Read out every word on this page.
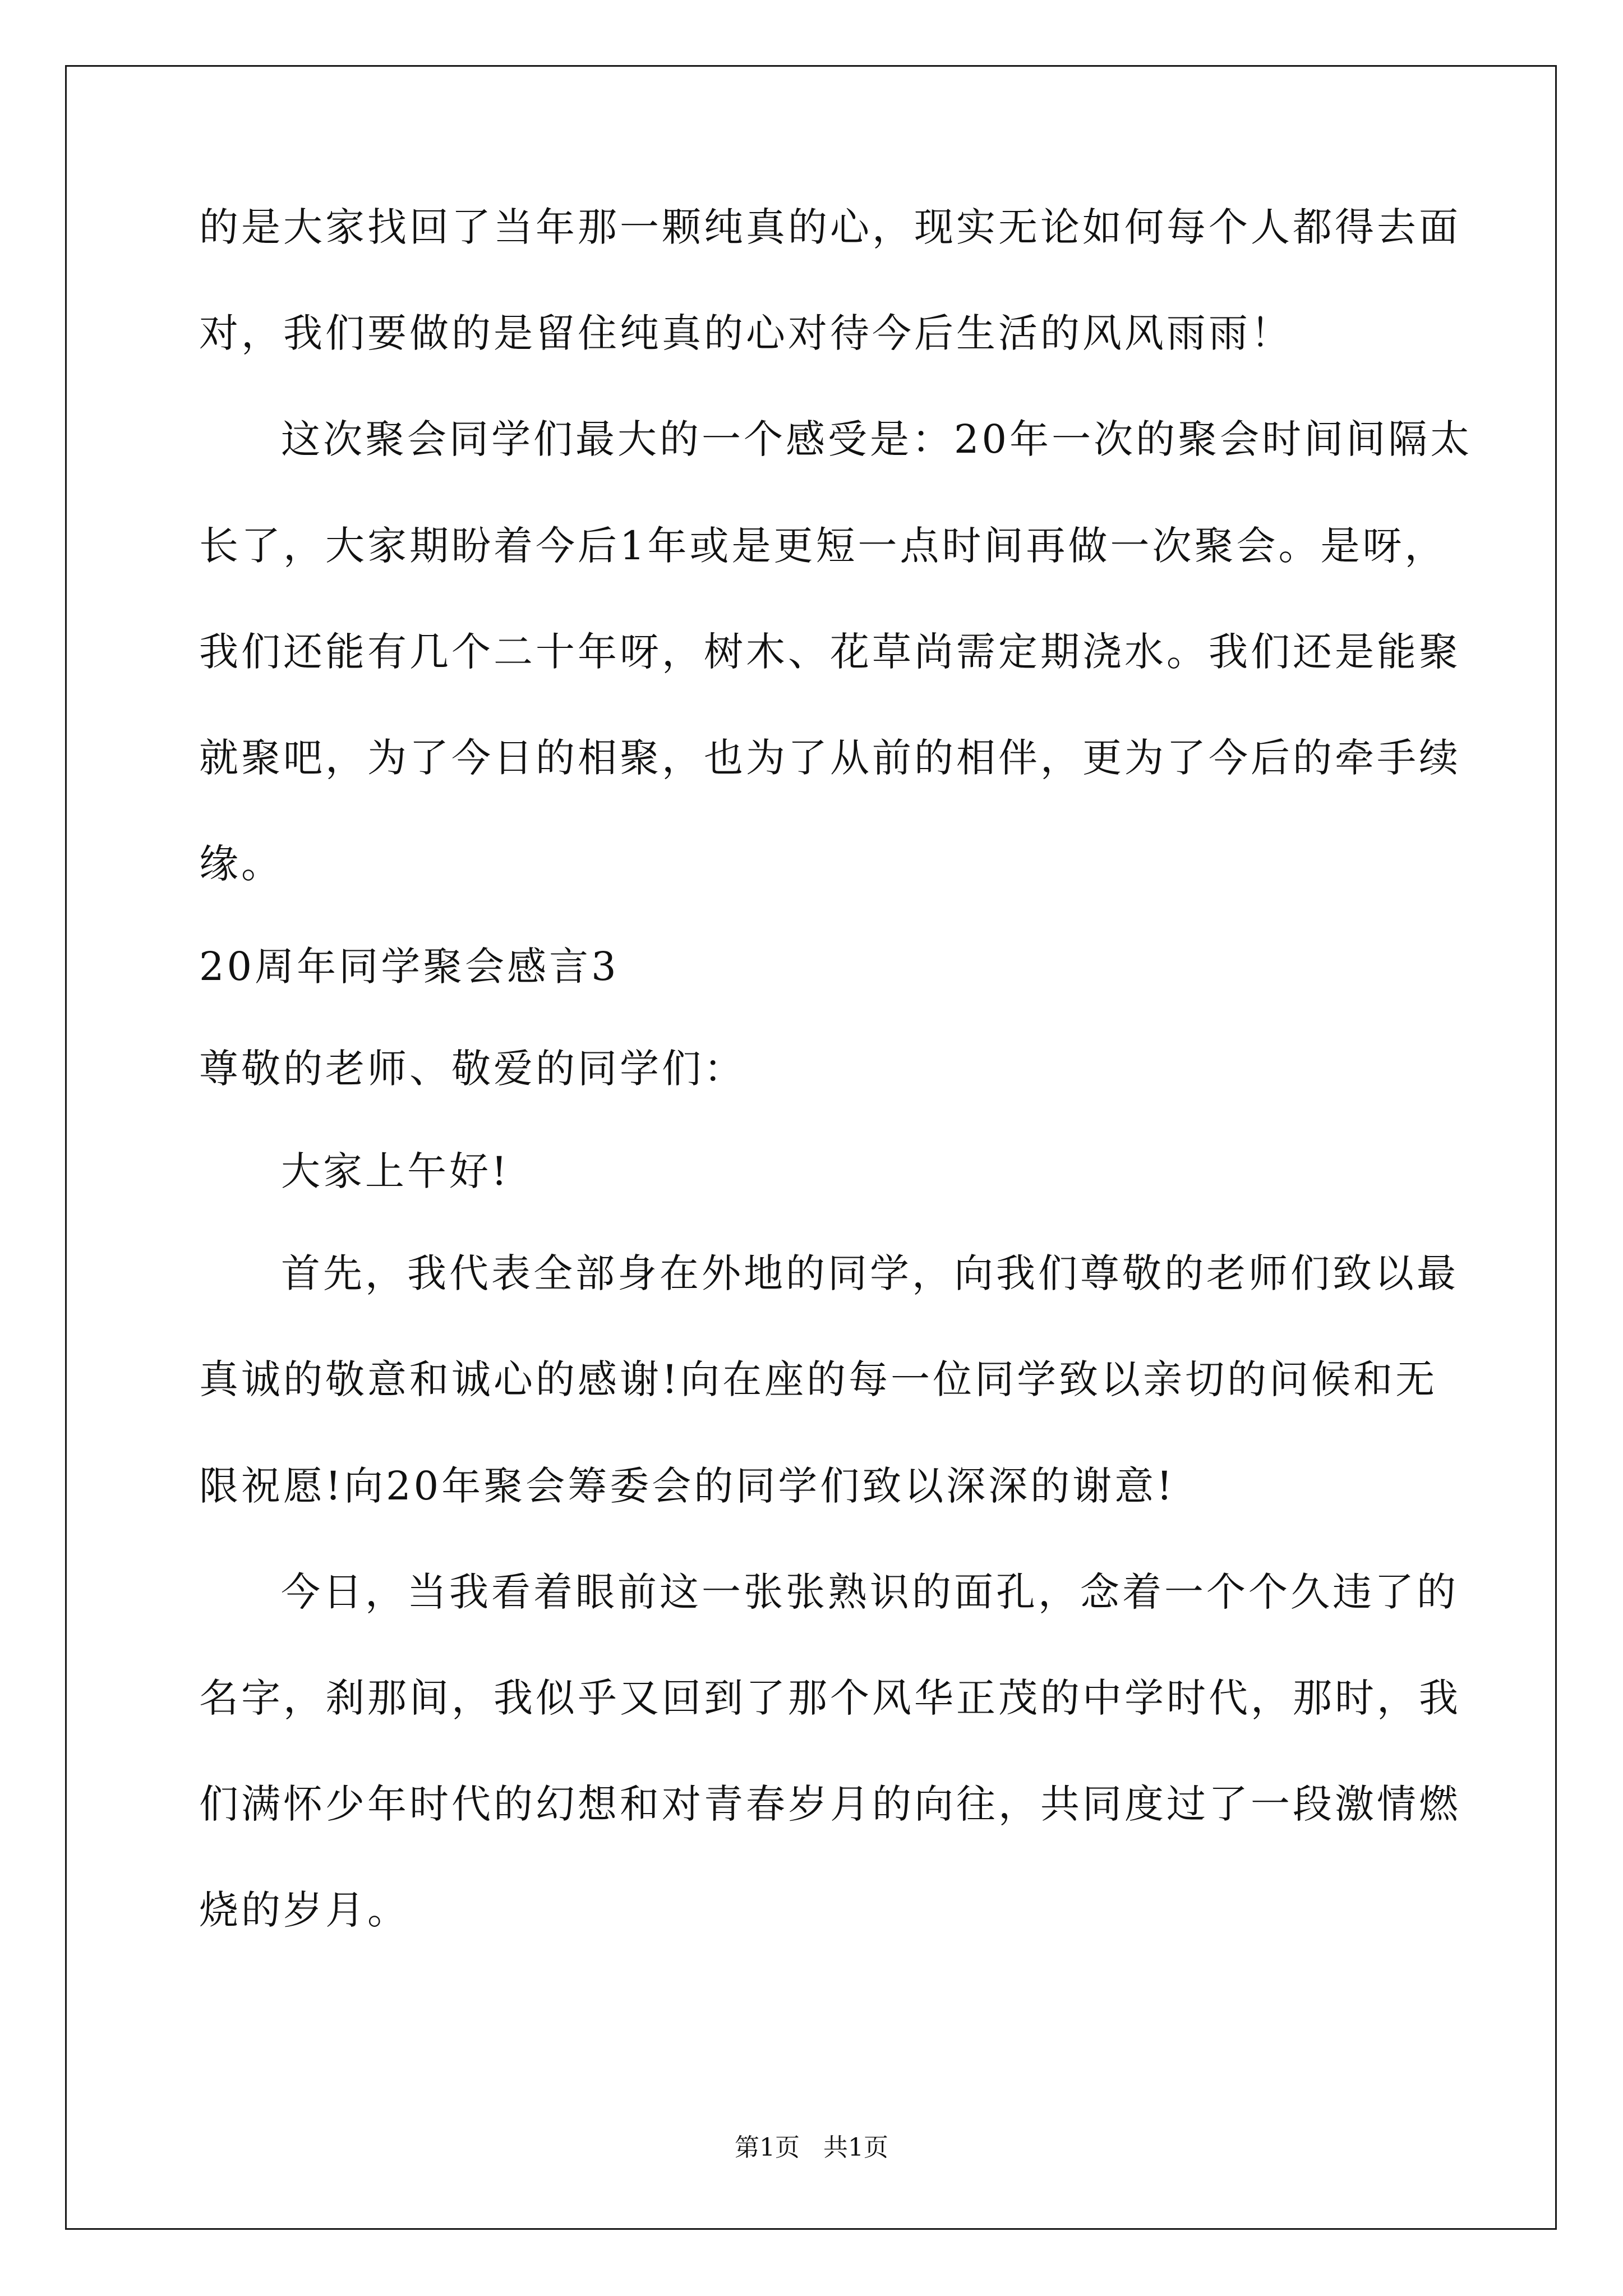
的是大家找回了当年那一颗纯真的心，现实无论如何每个人都得去面

对，我们要做的是留住纯真的心对待今后生活的风风雨雨！

这次聚会同学们最大的一个感受是：20年一次的聚会时间间隔太

长了，大家期盼着今后1年或是更短一点时间再做一次聚会。是呀，

我们还能有几个二十年呀，树木、花草尚需定期浇水。我们还是能聚

就聚吧，为了今日的相聚，也为了从前的相伴，更为了今后的牵手续

缘。

20周年同学聚会感言3

尊敬的老师、敬爱的同学们：

大家上午好!

首先，我代表全部身在外地的同学，向我们尊敬的老师们致以最

真诚的敬意和诚心的感谢!向在座的每一位同学致以亲切的问候和无

限祝愿!向20年聚会筹委会的同学们致以深深的谢意!

今日，当我看着眼前这一张张熟识的面孔，念着一个个久违了的

名字，刹那间，我似乎又回到了那个风华正茂的中学时代，那时，我

们满怀少年时代的幻想和对青春岁月的向往，共同度过了一段激情燃

烧的岁月。

第1页   共1页
